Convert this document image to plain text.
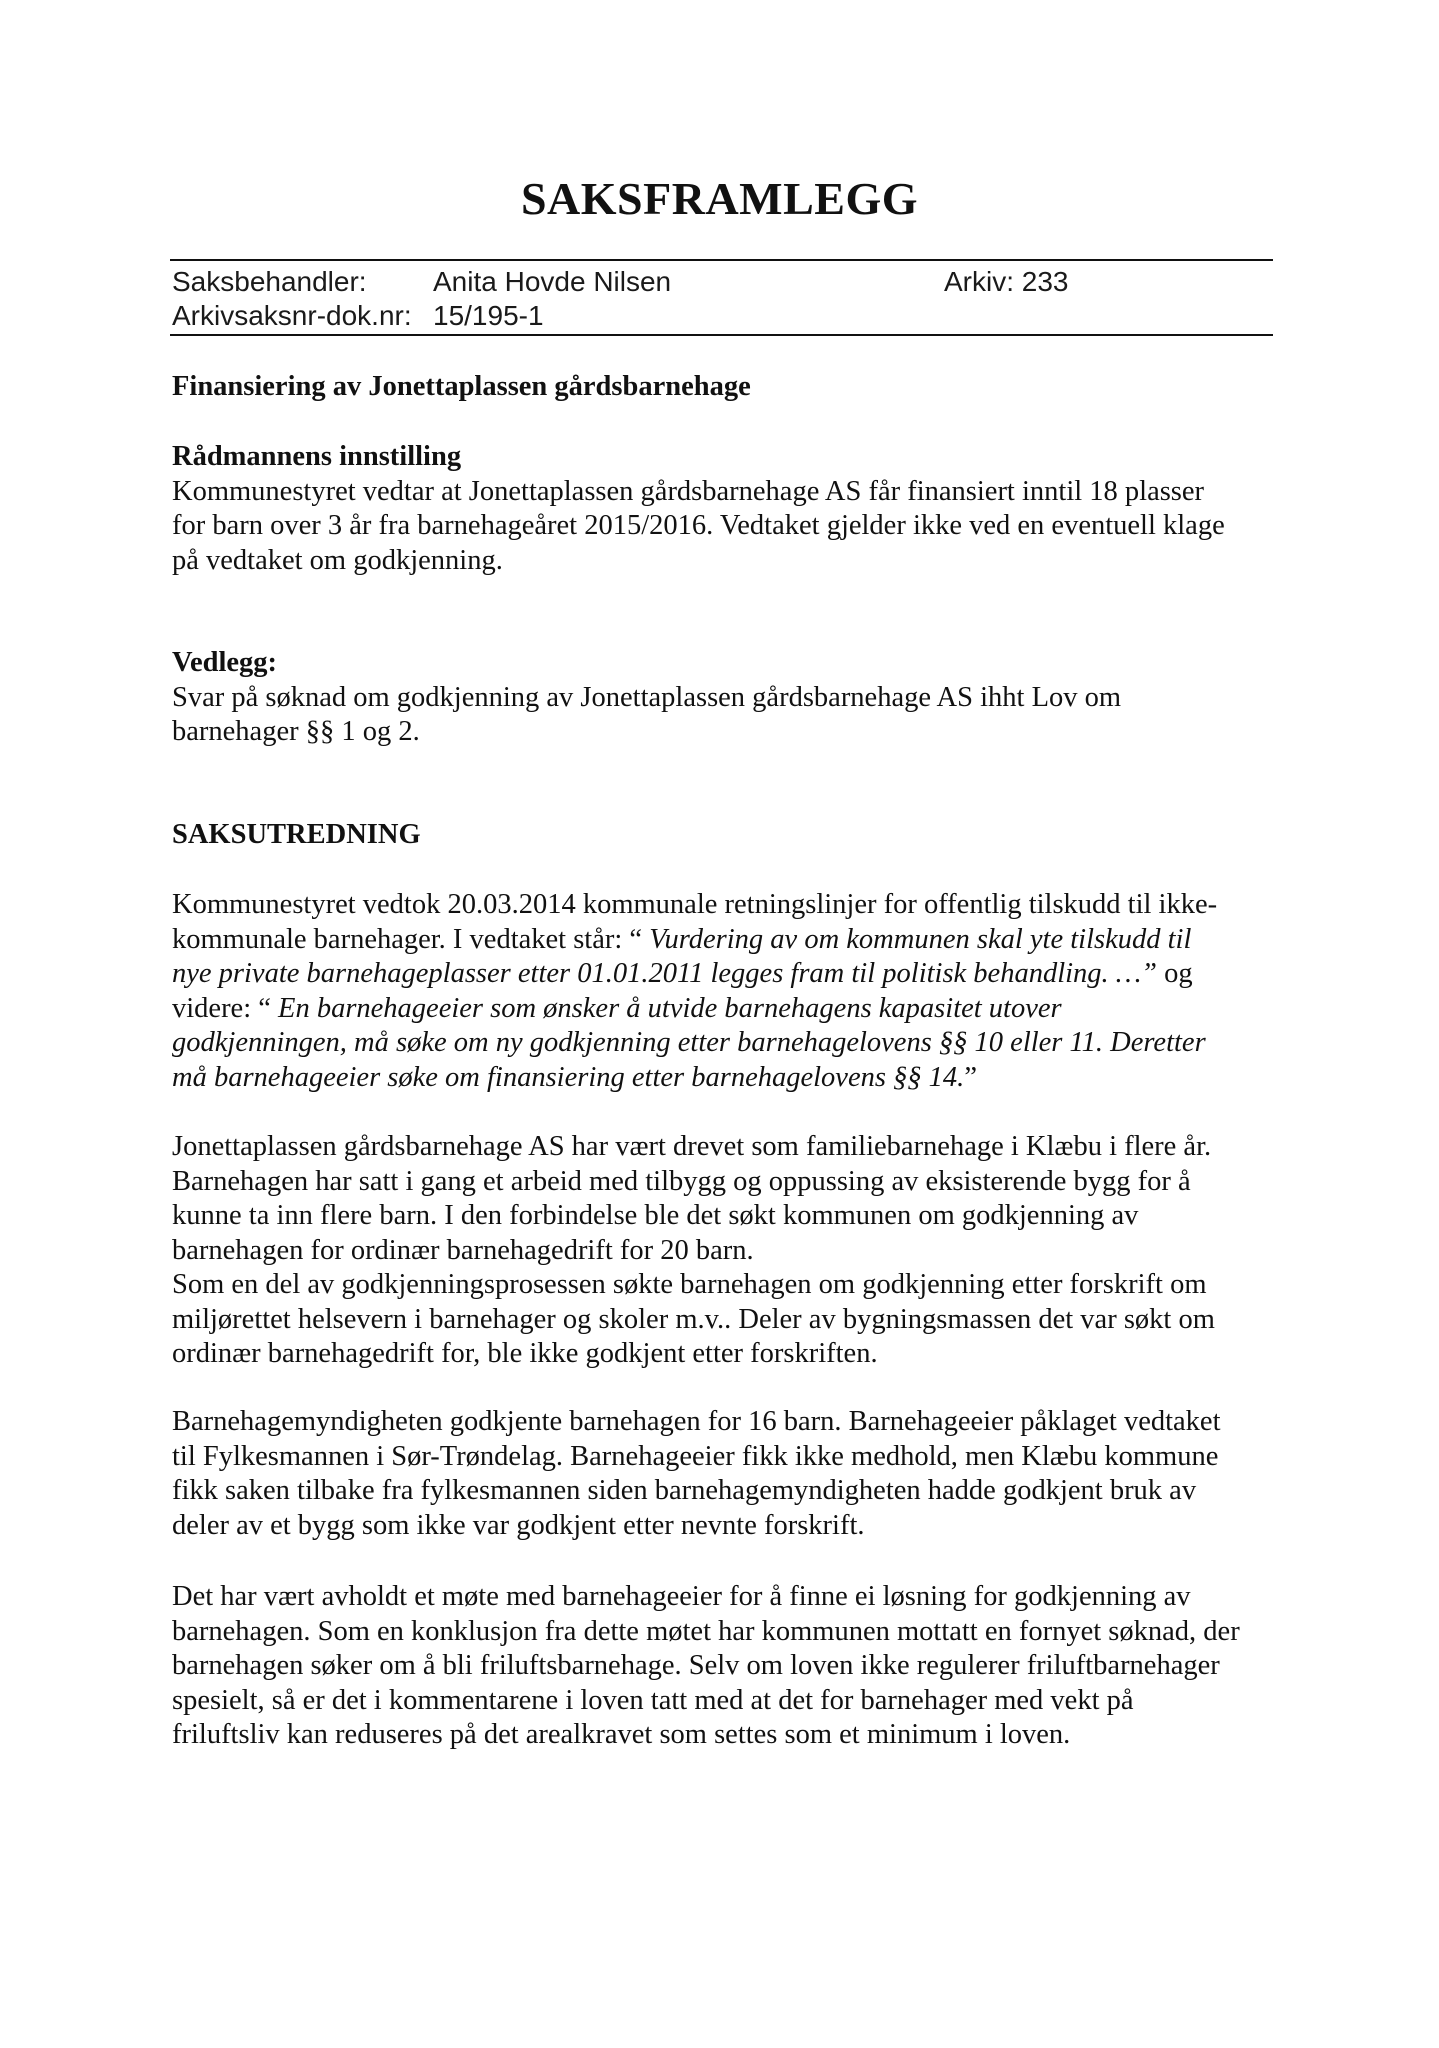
SAKSFRAMLEGG
Saksbehandler: Anita Hovde Nilsen	Arkiv: 233
Arkivsaksnr-dok.nr: 15/195-1

Finansiering av Jonettaplassen gårdsbarnehage

Rådmannens innstilling

Kommunestyret vedtar at Jonettaplassen gårdsbarnehage AS får finansiert inntil 18 plasser
for barn over 3 år fra barnehageåret 2015/2016. Vedtaket gjelder ikke ved en eventuell klage
på vedtaket om godkjenning.

Vedlegg:

Svar på søknad om godkjenning av Jonettaplassen gårdsbarnehage AS ihht Lov om
barnehager §§ 1 og 2.

SAKSUTREDNING

Kommunestyret vedtok 20.03.2014 kommunale retningslinjer for offentlig tilskudd til ikke-
kommunale barnehager. I vedtaket står: “ Vurdering av om kommunen skal yte tilskudd til
nye private barnehageplasser etter 01.01.2011 legges fram til politisk behandling. …” og
videre: “ En barnehageeier som ønsker å utvide barnehagens kapasitet utover
godkjenningen, må søke om ny godkjenning etter barnehagelovens §§ 10 eller 11. Deretter
må barnehageeier søke om finansiering etter barnehagelovens §§ 14.”

Jonettaplassen gårdsbarnehage AS har vært drevet som familiebarnehage i Klæbu i flere år.
Barnehagen har satt i gang et arbeid med tilbygg og oppussing av eksisterende bygg for å
kunne ta inn flere barn. I den forbindelse ble det søkt kommunen om godkjenning av
barnehagen for ordinær barnehagedrift for 20 barn.
Som en del av godkjenningsprosessen søkte barnehagen om godkjenning etter forskrift om
miljørettet helsevern i barnehager og skoler m.v.. Deler av bygningsmassen det var søkt om
ordinær barnehagedrift for, ble ikke godkjent etter forskriften.

Barnehagemyndigheten godkjente barnehagen for 16 barn. Barnehageeier påklaget vedtaket
til Fylkesmannen i Sør-Trøndelag. Barnehageeier fikk ikke medhold, men Klæbu kommune
fikk saken tilbake fra fylkesmannen siden barnehagemyndigheten hadde godkjent bruk av
deler av et bygg som ikke var godkjent etter nevnte forskrift.

Det har vært avholdt et møte med barnehageeier for å finne ei løsning for godkjenning av
barnehagen. Som en konklusjon fra dette møtet har kommunen mottatt en fornyet søknad, der
barnehagen søker om å bli friluftsbarnehage. Selv om loven ikke regulerer friluftbarnehager
spesielt, så er det i kommentarene i loven tatt med at det for barnehager med vekt på
friluftsliv kan reduseres på det arealkravet som settes som et minimum i loven.
